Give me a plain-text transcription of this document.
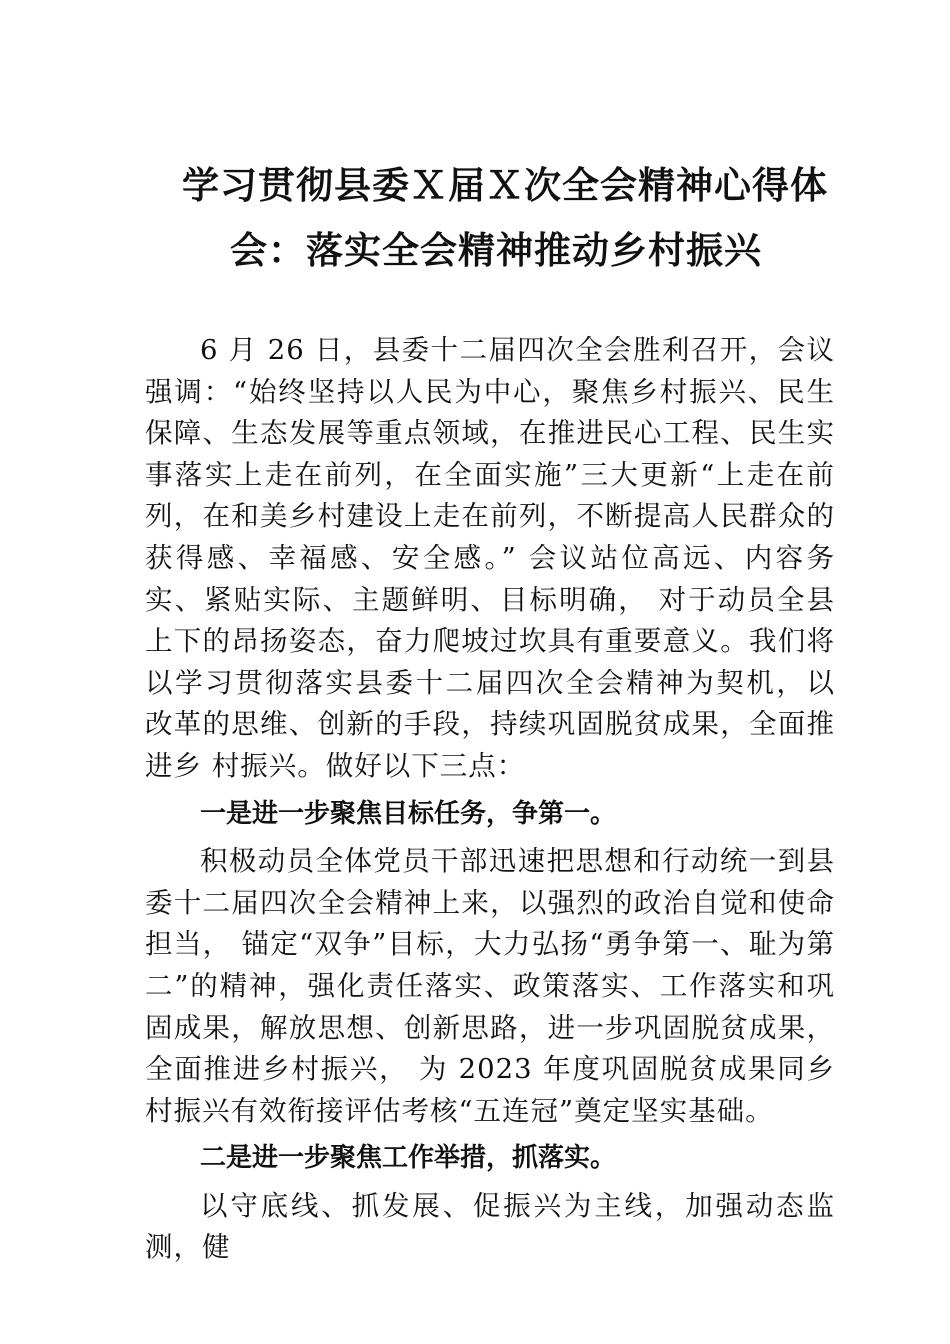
学习贯彻县委Ｘ届Ｘ次全会精神心得体
会：落实全会精神推动乡村振兴

6 月 26 日，县委十二届四次全会胜利召开，会议强调：“始终坚持以人民为中心，聚焦乡村振兴、民生保障、生态发展等重点领域，在推进民心工程、民生实事落实上走在前列，在全面实施”三大更新“上走在前列，在和美乡村建设上走在前列，不断提高人民群众的获得感、幸福感、安全感。” 会议站位高远、内容务实、紧贴实际、主题鲜明、目标明确， 对于动员全县上下的昂扬姿态，奋力爬坡过坎具有重要意义。我们将以学习贯彻落实县委十二届四次全会精神为契机，以 改革的思维、创新的手段，持续巩固脱贫成果，全面推进乡 村振兴。做好以下三点：

一是进一步聚焦目标任务，争第一。

积极动员全体党员干部迅速把思想和行动统一到县委十二届四次全会精神上来，以强烈的政治自觉和使命担当， 锚定“双争”目标，大力弘扬“勇争第一、耻为第二”的精神，强化责任落实、政策落实、工作落实和巩固成果，解放思想、创新思路，进一步巩固脱贫成果，全面推进乡村振兴， 为 2023 年度巩固脱贫成果同乡村振兴有效衔接评估考核“五连冠”奠定坚实基础。

二是进一步聚焦工作举措，抓落实。

以守底线、抓发展、促振兴为主线，加强动态监测，健
